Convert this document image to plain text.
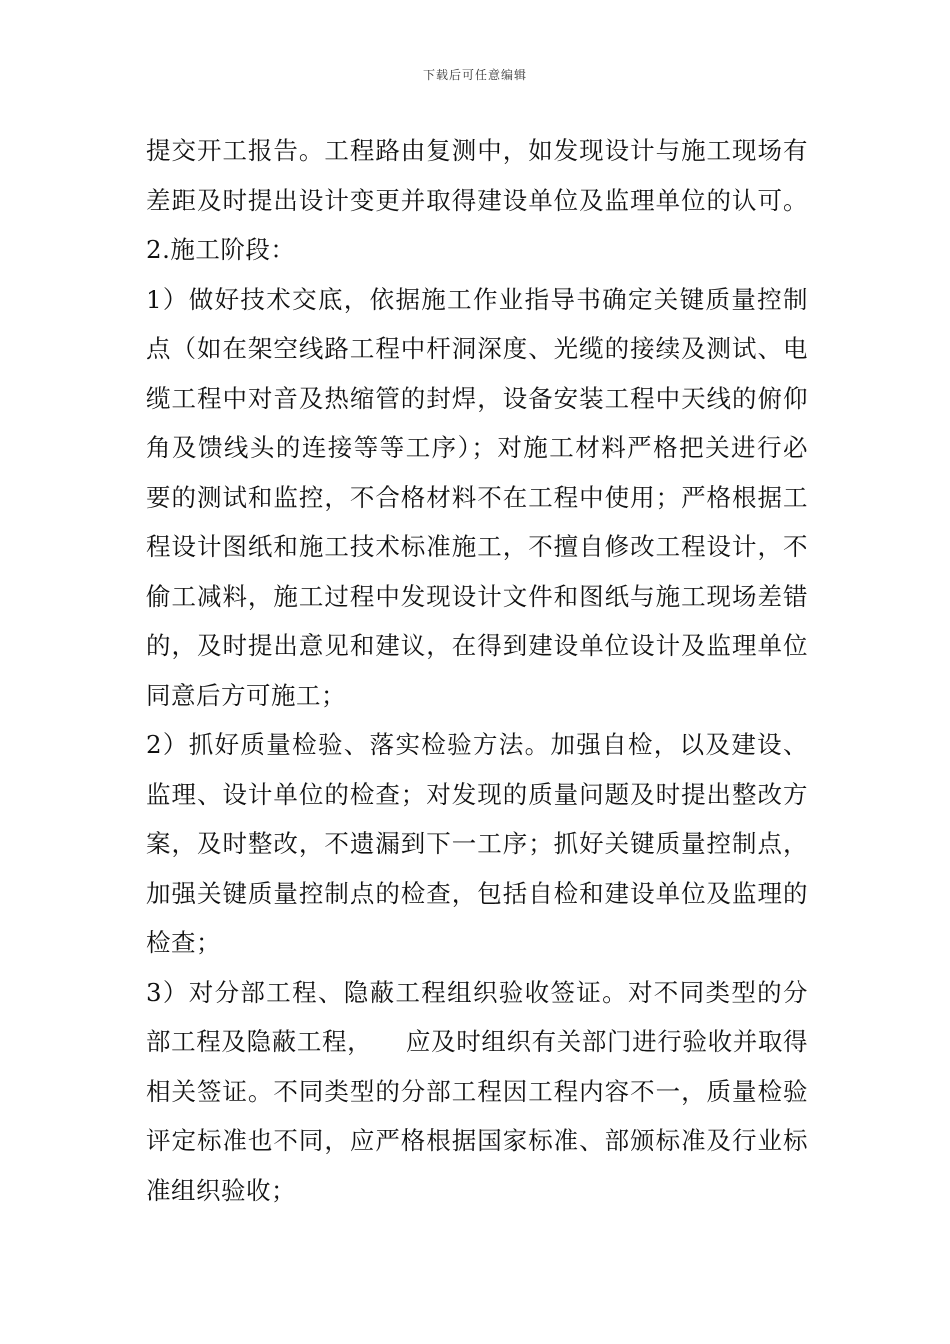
下载后可任意编辑

提交开工报告。工程路由复测中，如发现设计与施工现场有差距及时提出设计变更并取得建设单位及监理单位的认可。    2.施工阶段：

1）做好技术交底，依据施工作业指导书确定关键质量控制点（如在架空线路工程中杆洞深度、光缆的接续及测试、电缆工程中对音及热缩管的封焊，设备安装工程中天线的俯仰角及馈线头的连接等等工序）；对施工材料严格把关进行必要的测试和监控，不合格材料不在工程中使用；严格根据工程设计图纸和施工技术标准施工，不擅自修改工程设计，不偷工减料，施工过程中发现设计文件和图纸与施工现场差错的，及时提出意见和建议，在得到建设单位设计及监理单位同意后方可施工；

2）抓好质量检验、落实检验方法。加强自检，以及建设、监理、设计单位的检查；对发现的质量问题及时提出整改方案，及时整改，不遗漏到下一工序；抓好关键质量控制点，加强关键质量控制点的检查，包括自检和建设单位及监理的检查；

3）对分部工程、隐蔽工程组织验收签证。对不同类型的分部工程及隐蔽工程，    应及时组织有关部门进行验收并取得相关签证。不同类型的分部工程因工程内容不一，质量检验评定标准也不同，应严格根据国家标准、部颁标准及行业标准组织验收；
